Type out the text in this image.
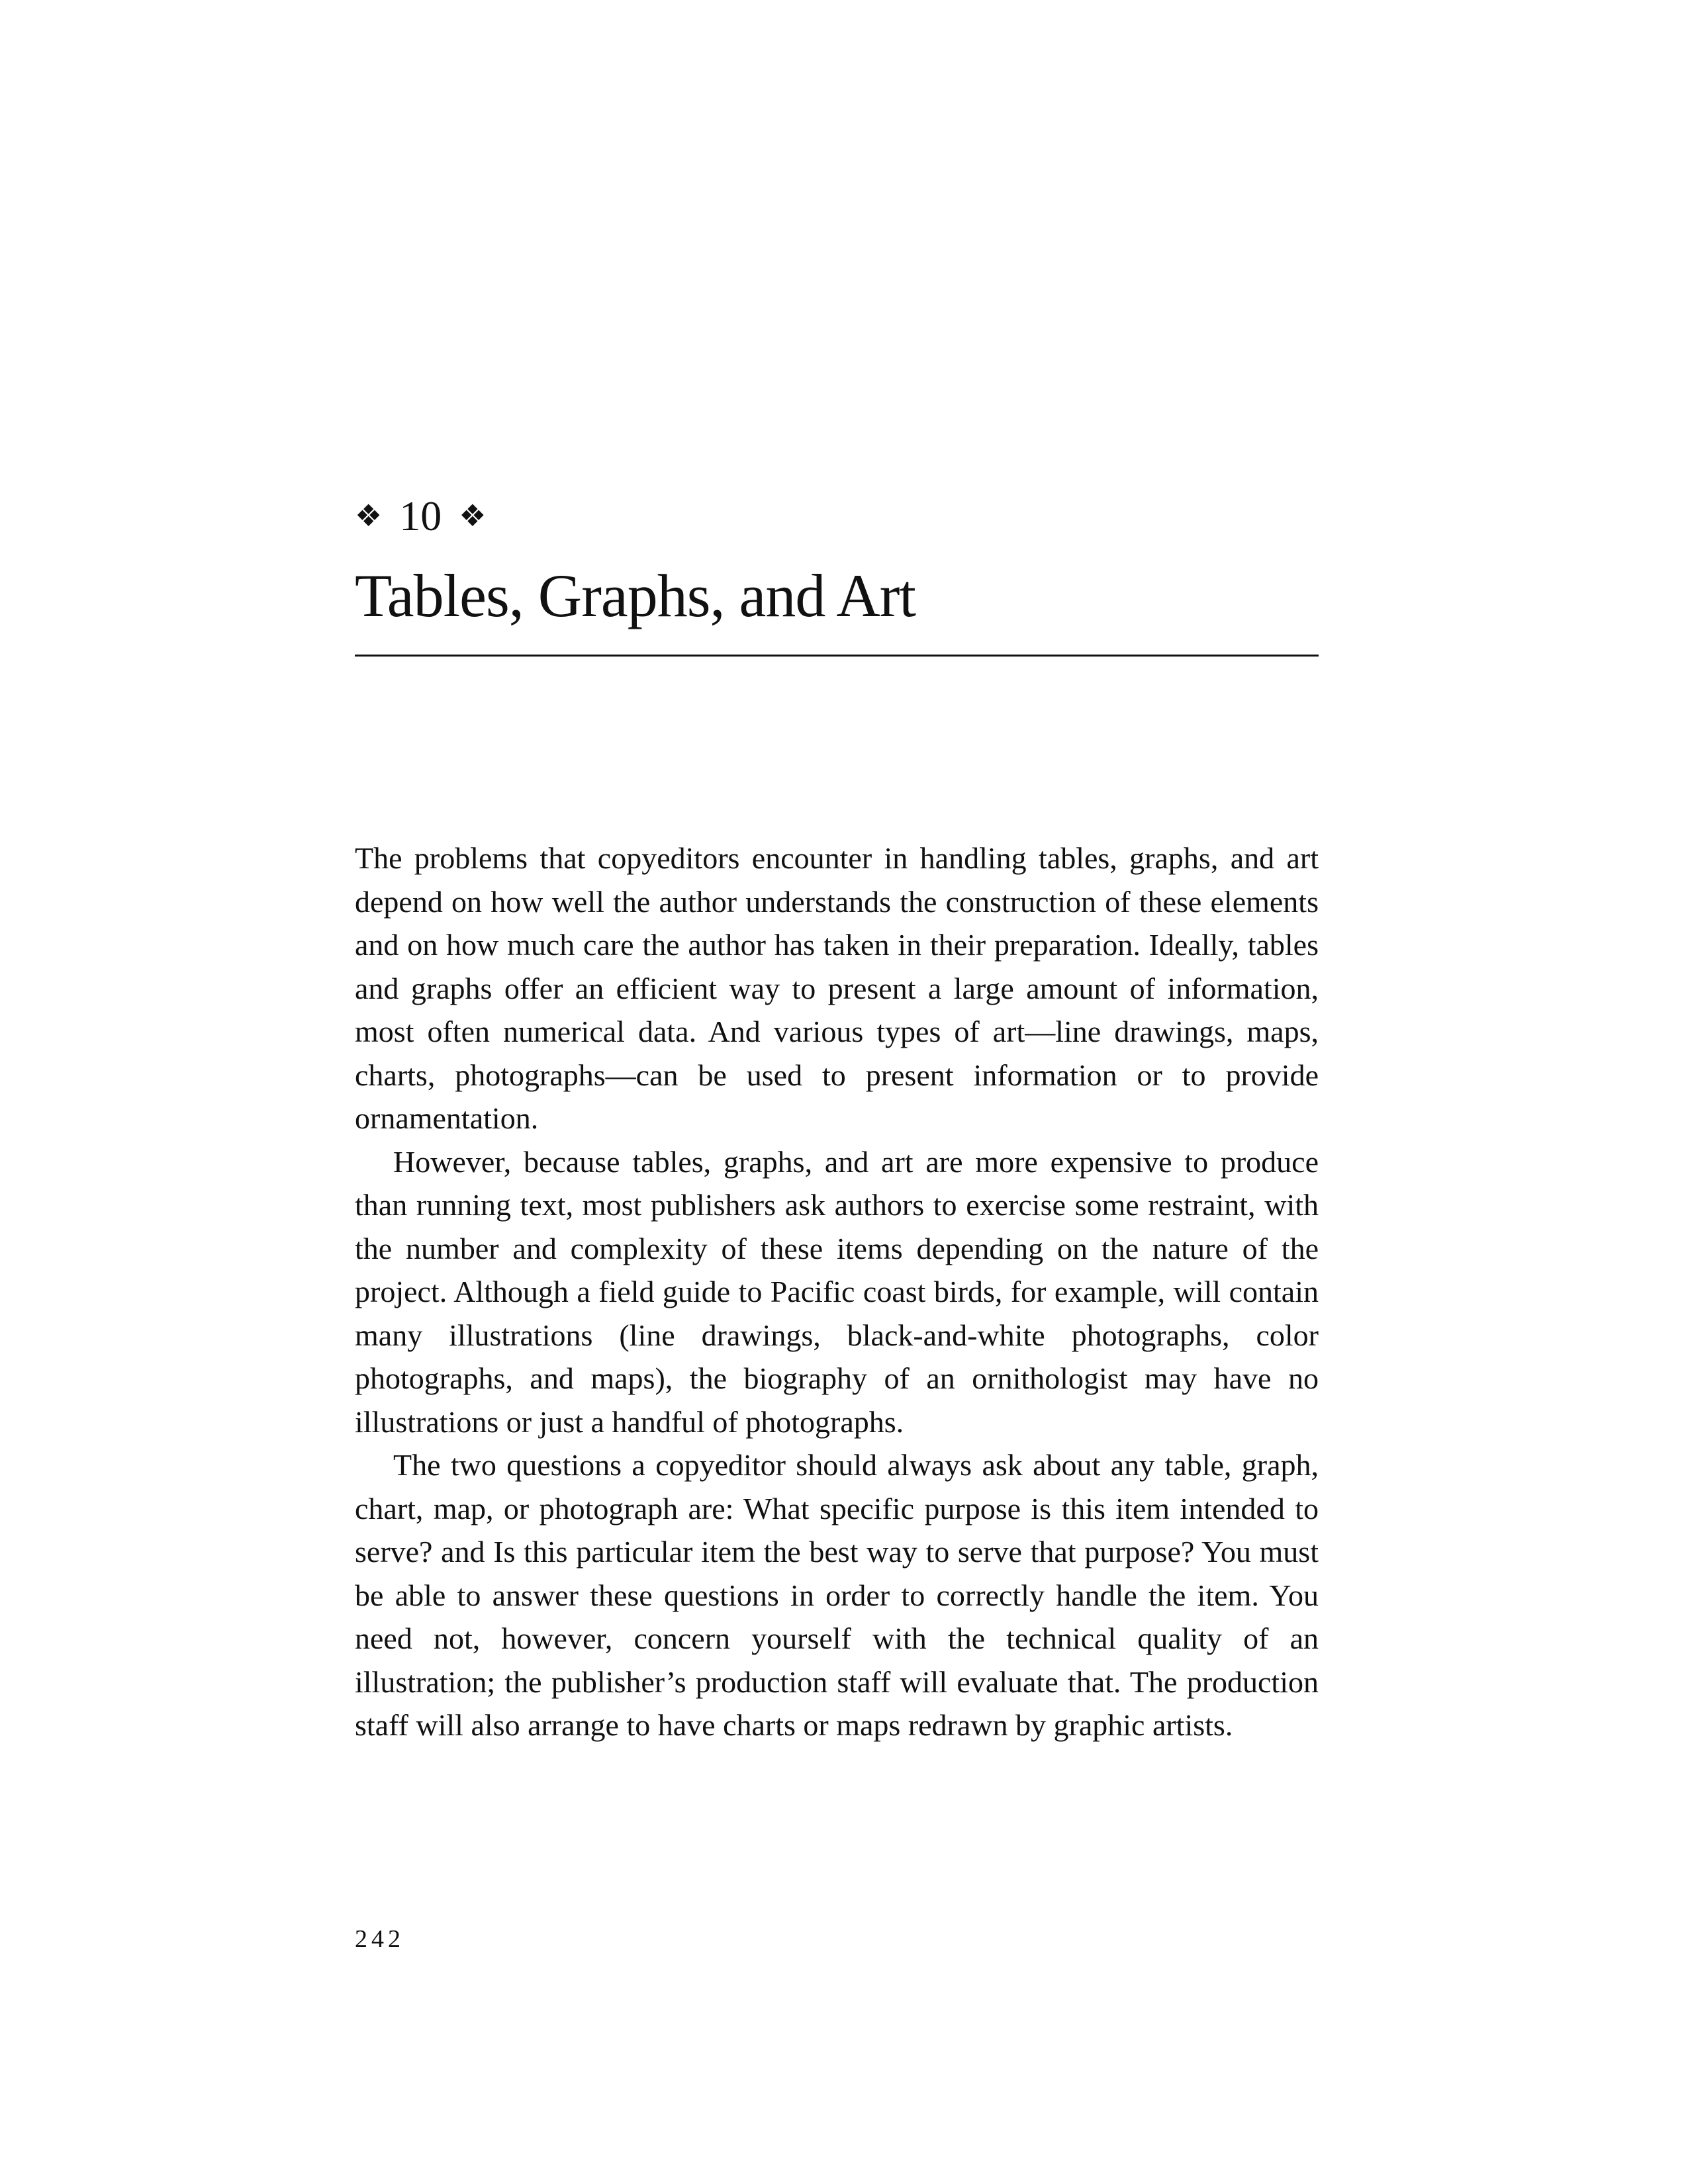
❖ 10 ❖
Tables, Graphs, and Art

The problems that copyeditors encounter in handling tables, graphs, and art depend on how well the author understands the construction of these elements and on how much care the author has taken in their preparation. Ideally, tables and graphs offer an efficient way to present a large amount of information, most often numerical data. And various types of art—line drawings, maps, charts, photographs—can be used to present information or to provide ornamentation.

However, because tables, graphs, and art are more expensive to produce than running text, most publishers ask authors to exercise some restraint, with the number and complexity of these items depending on the nature of the project. Although a field guide to Pacific coast birds, for example, will contain many illustrations (line drawings, black-and-white photographs, color photographs, and maps), the biography of an ornithologist may have no illustrations or just a handful of photographs.

The two questions a copyeditor should always ask about any table, graph, chart, map, or photograph are: What specific purpose is this item intended to serve? and Is this particular item the best way to serve that purpose? You must be able to answer these questions in order to correctly handle the item. You need not, however, concern yourself with the technical quality of an illustration; the publisher’s production staff will evaluate that. The production staff will also arrange to have charts or maps redrawn by graphic artists.

242
